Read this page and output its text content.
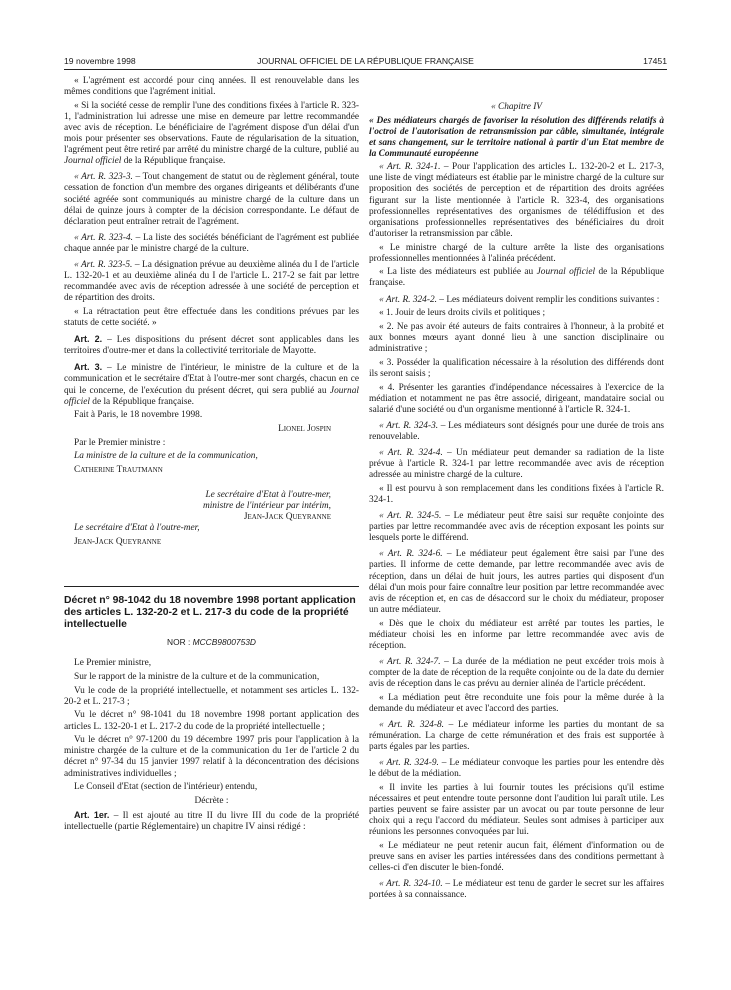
19 novembre 1998	JOURNAL OFFICIEL DE LA RÉPUBLIQUE FRANÇAISE	17451

« L'agrément est accordé pour cinq années. Il est renouvelable dans les mêmes conditions que l'agrément initial.

« Si la société cesse de remplir l'une des conditions fixées à l'article R. 323-1, l'administration lui adresse une mise en demeure par lettre recommandée avec avis de réception. Le bénéficiaire de l'agrément dispose d'un délai d'un mois pour présenter ses observations. Faute de régularisation de la situation, l'agrément peut être retiré par arrêté du ministre chargé de la culture, publié au Journal officiel de la République française.

« Art. R. 323-3. – Tout changement de statut ou de règlement général, toute cessation de fonction d'un membre des organes dirigeants et délibérants d'une société agréée sont communiqués au ministre chargé de la culture dans un délai de quinze jours à compter de la décision correspondante. Le défaut de déclaration peut entraîner retrait de l'agrément.

« Art. R. 323-4. – La liste des sociétés bénéficiant de l'agrément est publiée chaque année par le ministre chargé de la culture.

« Art. R. 323-5. – La désignation prévue au deuxième alinéa du I de l'article L. 132-20-1 et au deuxième alinéa du I de l'article L. 217-2 se fait par lettre recommandée avec avis de réception adressée à une société de perception et de répartition des droits.

« La rétractation peut être effectuée dans les conditions prévues par les statuts de cette société. »

Art. 2. – Les dispositions du présent décret sont applicables dans les territoires d'outre-mer et dans la collectivité territoriale de Mayotte.

Art. 3. – Le ministre de l'intérieur, le ministre de la culture et de la communication et le secrétaire d'Etat à l'outre-mer sont chargés, chacun en ce qui le concerne, de l'exécution du présent décret, qui sera publié au Journal officiel de la République française.

Fait à Paris, le 18 novembre 1998.

Lionel Jospin

Par le Premier ministre :

La ministre de la culture et de la communication,

Catherine Trautmann

Le secrétaire d'Etat à l'outre-mer,
ministre de l'intérieur par intérim,
Jean-Jack Queyranne

Le secrétaire d'Etat à l'outre-mer,

Jean-Jack Queyranne

Décret n° 98-1042 du 18 novembre 1998 portant application des articles L. 132-20-2 et L. 217-3 du code de la propriété intellectuelle
NOR : MCCB9800753D

Le Premier ministre,

Sur le rapport de la ministre de la culture et de la communication,

Vu le code de la propriété intellectuelle, et notamment ses articles L. 132-20-2 et L. 217-3 ;

Vu le décret n° 98-1041 du 18 novembre 1998 portant application des articles L. 132-20-1 et L. 217-2 du code de la propriété intellectuelle ;

Vu le décret n° 97-1200 du 19 décembre 1997 pris pour l'application à la ministre chargée de la culture et de la communication du 1er de l'article 2 du décret n° 97-34 du 15 janvier 1997 relatif à la déconcentration des décisions administratives individuelles ;

Le Conseil d'Etat (section de l'intérieur) entendu,

Décrète :

Art. 1er. – Il est ajouté au titre II du livre III du code de la propriété intellectuelle (partie Réglementaire) un chapitre IV ainsi rédigé :

« Chapitre IV

« Des médiateurs chargés de favoriser la résolution des différends relatifs à l'octroi de l'autorisation de retransmission par câble, simultanée, intégrale et sans changement, sur le territoire national à partir d'un Etat membre de la Communauté européenne

« Art. R. 324-1. – Pour l'application des articles L. 132-20-2 et L. 217-3, une liste de vingt médiateurs est établie par le ministre chargé de la culture sur proposition des sociétés de perception et de répartition des droits agréées figurant sur la liste mentionnée à l'article R. 323-4, des organisations professionnelles représentatives des organismes de télédiffusion et des organisations professionnelles représentatives des bénéficiaires du droit d'autoriser la retransmission par câble.

« Le ministre chargé de la culture arrête la liste des organisations professionnelles mentionnées à l'alinéa précédent.

« La liste des médiateurs est publiée au Journal officiel de la République française.

« Art. R. 324-2. – Les médiateurs doivent remplir les conditions suivantes :

« 1. Jouir de leurs droits civils et politiques ;

« 2. Ne pas avoir été auteurs de faits contraires à l'honneur, à la probité et aux bonnes mœurs ayant donné lieu à une sanction disciplinaire ou administrative ;

« 3. Posséder la qualification nécessaire à la résolution des différends dont ils seront saisis ;

« 4. Présenter les garanties d'indépendance nécessaires à l'exercice de la médiation et notamment ne pas être associé, dirigeant, mandataire social ou salarié d'une société ou d'un organisme mentionné à l'article R. 324-1.

« Art. R. 324-3. – Les médiateurs sont désignés pour une durée de trois ans renouvelable.

« Art. R. 324-4. – Un médiateur peut demander sa radiation de la liste prévue à l'article R. 324-1 par lettre recommandée avec avis de réception adressée au ministre chargé de la culture.

« Il est pourvu à son remplacement dans les conditions fixées à l'article R. 324-1.

« Art. R. 324-5. – Le médiateur peut être saisi sur requête conjointe des parties par lettre recommandée avec avis de réception exposant les points sur lesquels porte le différend.

« Art. R. 324-6. – Le médiateur peut également être saisi par l'une des parties. Il informe de cette demande, par lettre recommandée avec avis de réception, dans un délai de huit jours, les autres parties qui disposent d'un délai d'un mois pour faire connaître leur position par lettre recommandée avec avis de réception et, en cas de désaccord sur le choix du médiateur, proposer un autre médiateur.

« Dès que le choix du médiateur est arrêté par toutes les parties, le médiateur choisi les en informe par lettre recommandée avec avis de réception.

« Art. R. 324-7. – La durée de la médiation ne peut excéder trois mois à compter de la date de réception de la requête conjointe ou de la date du dernier avis de réception dans le cas prévu au dernier alinéa de l'article précédent.

« La médiation peut être reconduite une fois pour la même durée à la demande du médiateur et avec l'accord des parties.

« Art. R. 324-8. – Le médiateur informe les parties du montant de sa rémunération. La charge de cette rémunération et des frais est supportée à parts égales par les parties.

« Art. R. 324-9. – Le médiateur convoque les parties pour les entendre dès le début de la médiation.

« Il invite les parties à lui fournir toutes les précisions qu'il estime nécessaires et peut entendre toute personne dont l'audition lui paraît utile. Les parties peuvent se faire assister par un avocat ou par toute personne de leur choix qui a reçu l'accord du médiateur. Seules sont admises à participer aux réunions les personnes convoquées par lui.

« Le médiateur ne peut retenir aucun fait, élément d'information ou de preuve sans en aviser les parties intéressées dans des conditions permettant à celles-ci d'en discuter le bien-fondé.

« Art. R. 324-10. – Le médiateur est tenu de garder le secret sur les affaires portées à sa connaissance.
